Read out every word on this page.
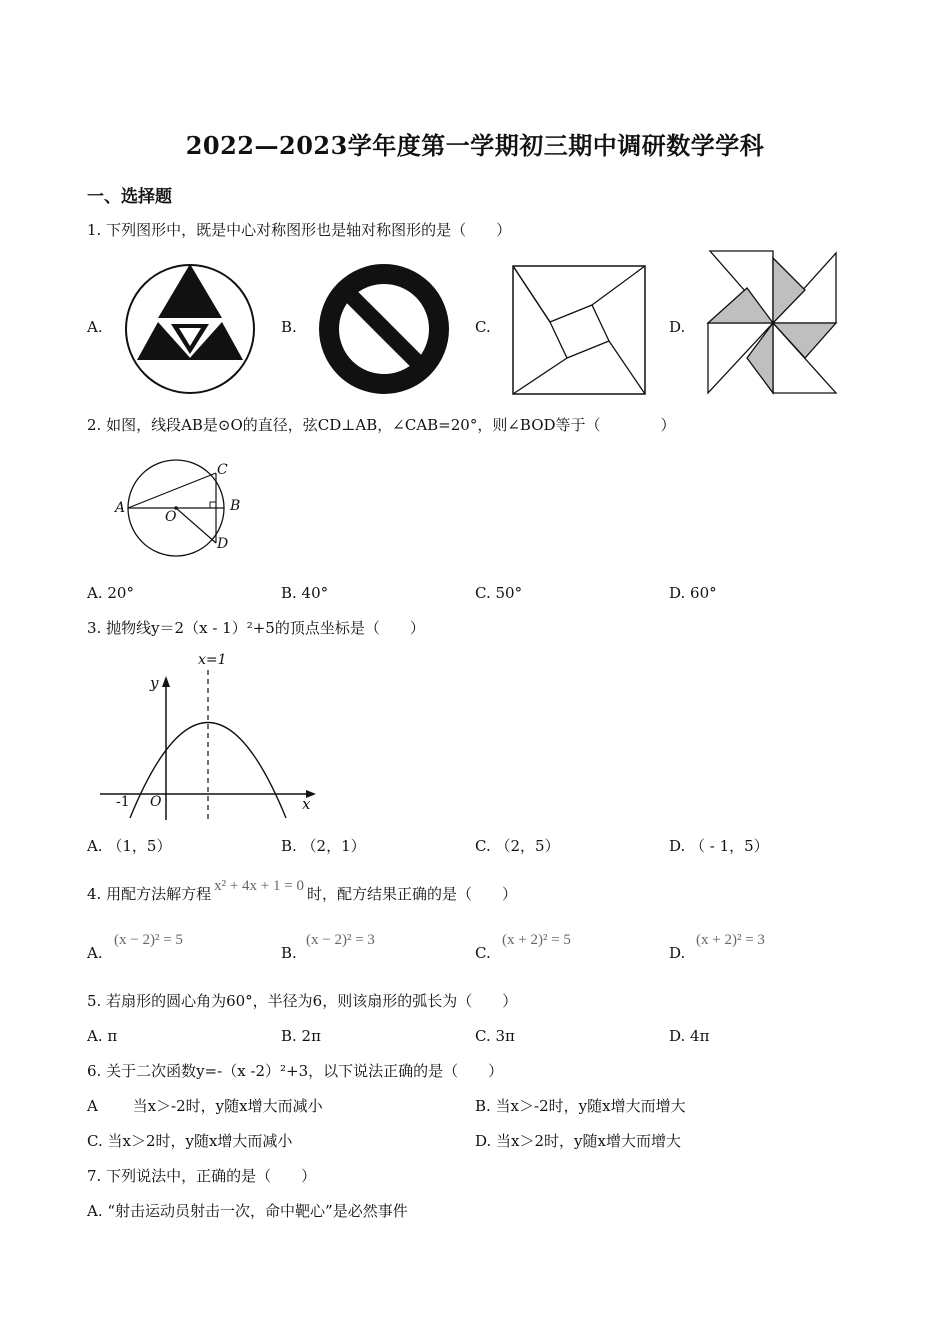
2022—2023学年度第一学期初三期中调研数学学科
一、选择题
1. 下列图形中，既是中心对称图形也是轴对称图形的是（　　）
A.	B.	C.	D.
2. 如图，线段AB是⊙O的直径，弦CD⊥AB，∠CAB=20°，则∠BOD等于（　　　　）
A	B
C
D
O
A. 20°	B. 40°	C. 50°	D. 60°
3. 抛物线y＝2（x - 1）²+5的顶点坐标是（　　）
x=1
y
x
O
-1
A. （1，5）	B. （2，1）	C. （2，5）	D. （ - 1，5）
4. 用配方法解方程 x² + 4x + 1 = 0 时，配方结果正确的是（　　）
A.
(x − 2)² = 5
B.
(x − 2)² = 3
C.
(x + 2)² = 5
D.
(x + 2)² = 3
5. 若扇形的圆心角为60°，半径为6，则该扇形的弧长为（　　）
A. π	B. 2π	C. 3π	D. 4π
6. 关于二次函数y=-（x -2）²+3，以下说法正确的是（　　）
A　　 当x＞-2时，y随x增大而减小	B. 当x＞-2时，y随x增大而增大
C. 当x＞2时，y随x增大而减小	D. 当x＞2时，y随x增大而增大
7. 下列说法中，正确的是（　　）
A. “射击运动员射击一次，命中靶心”是必然事件
